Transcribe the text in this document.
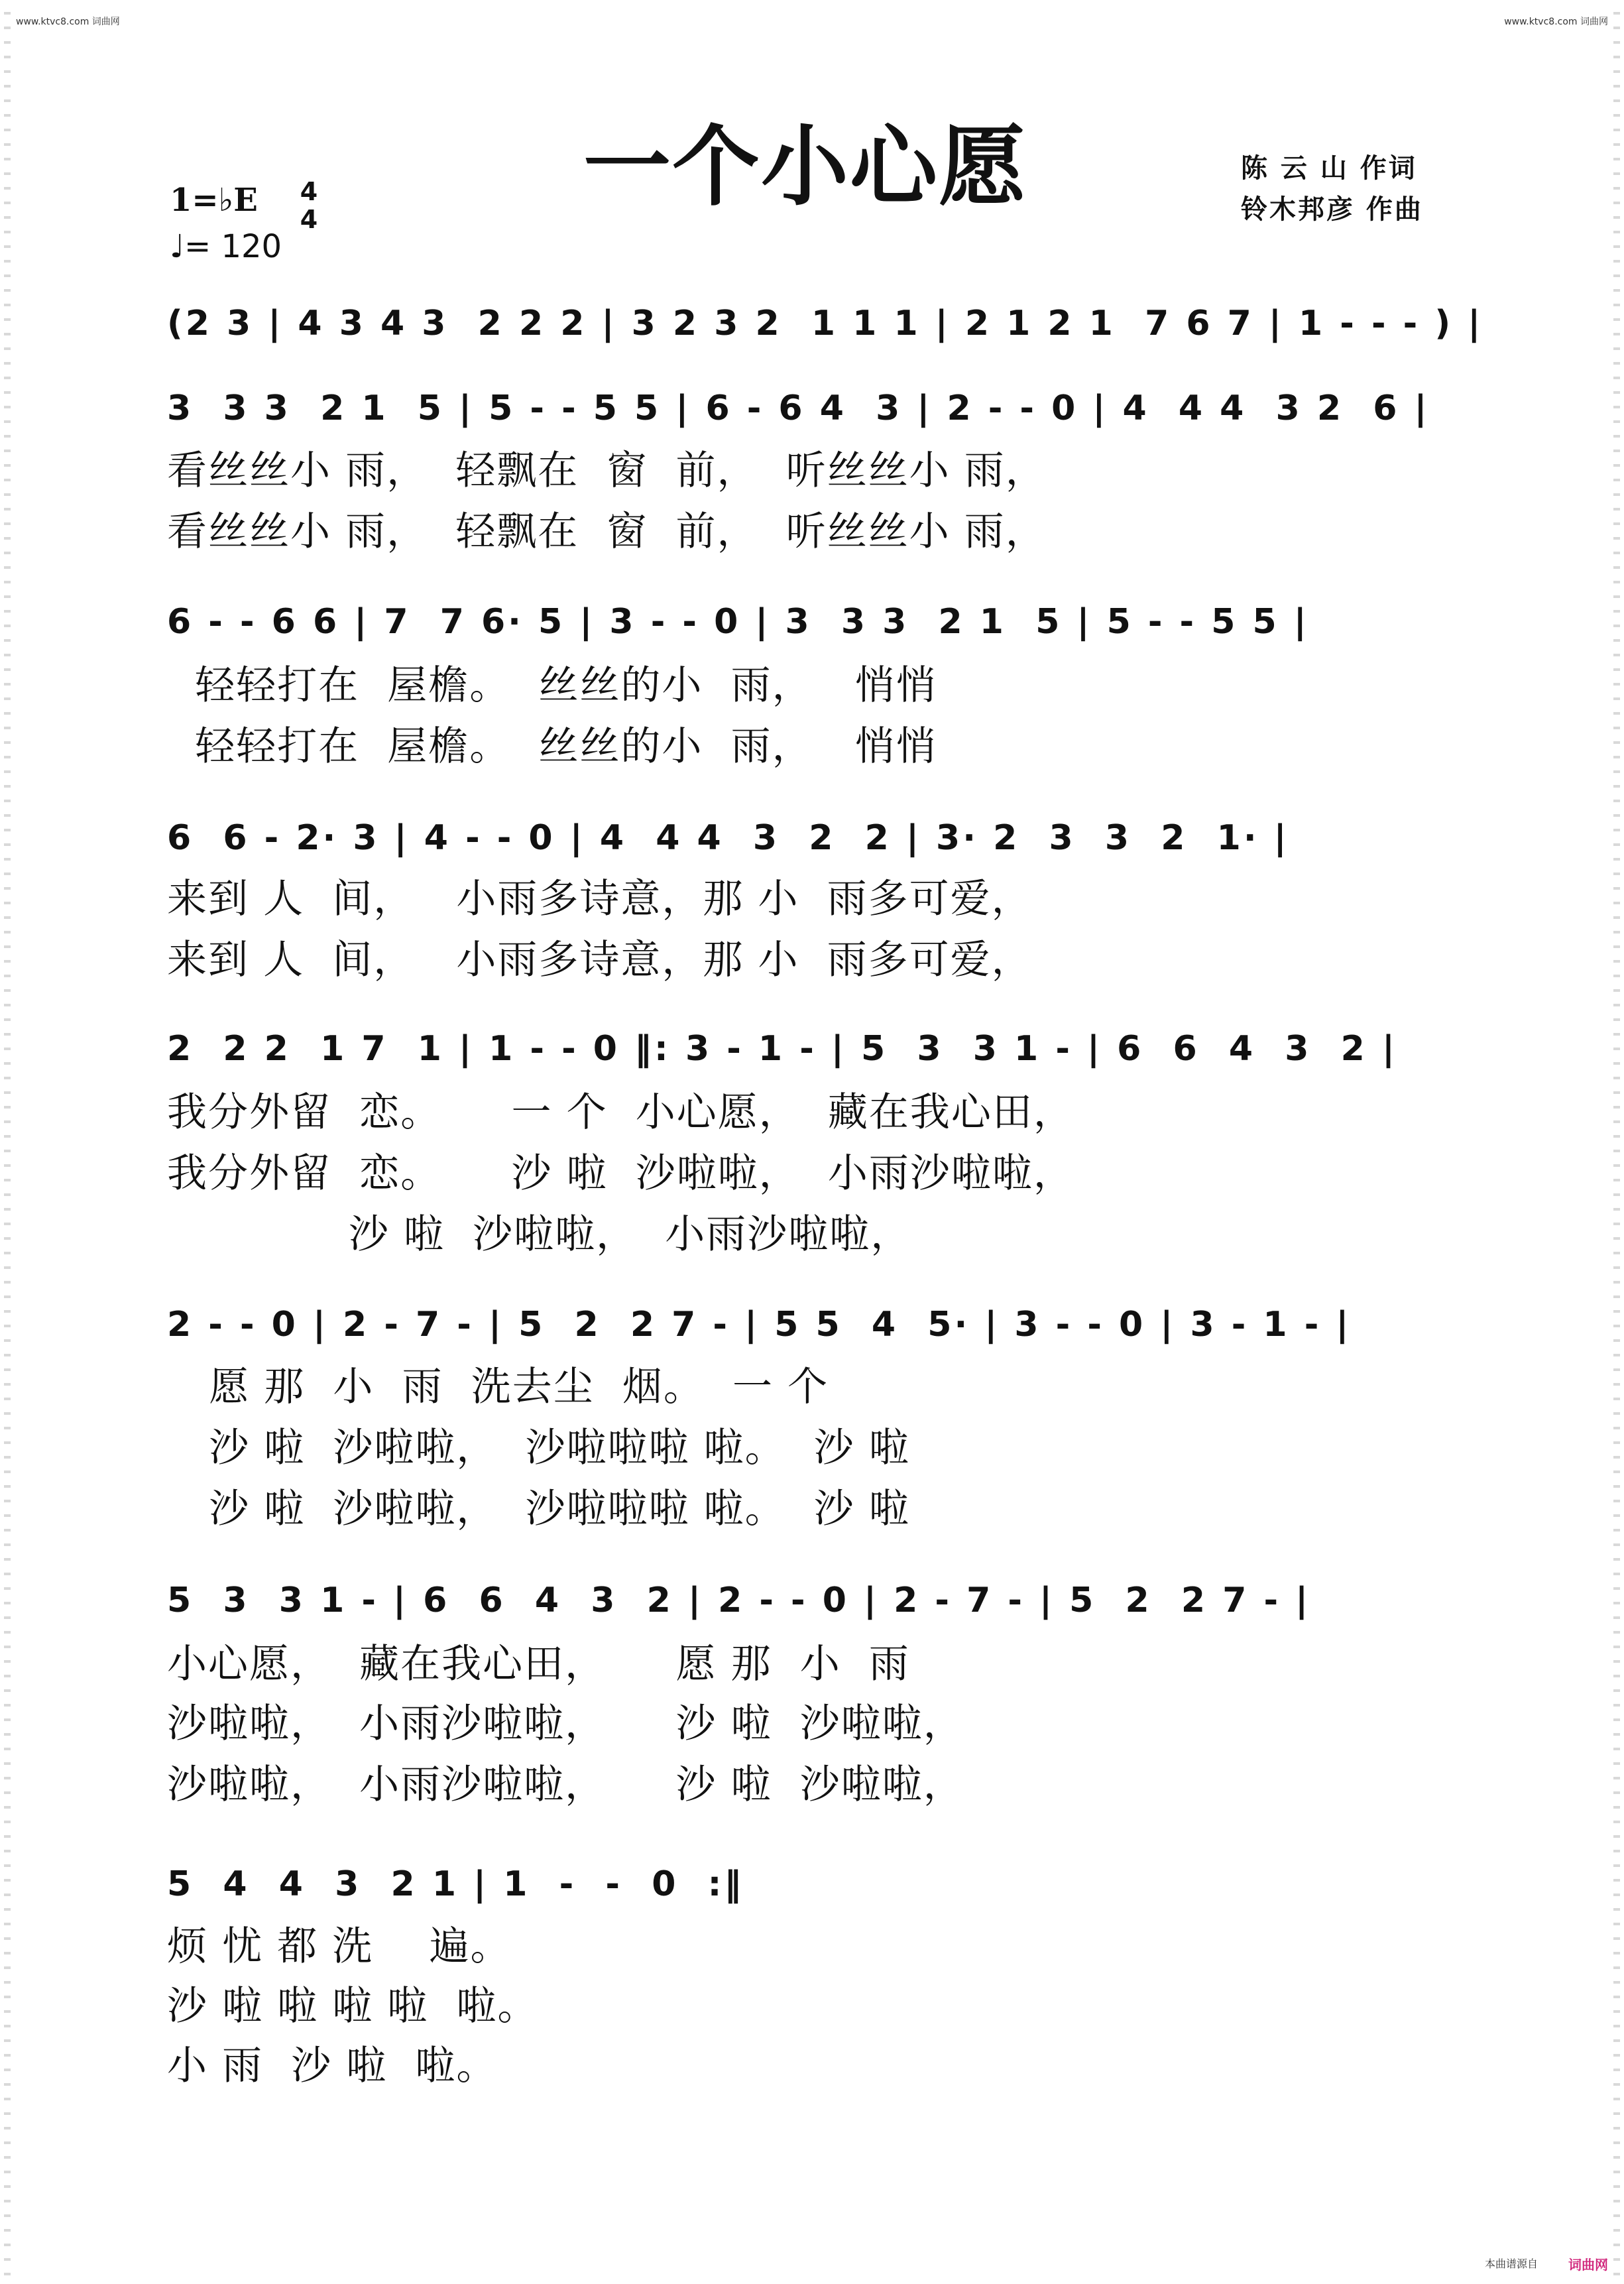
www.ktvc8.com 词曲网	www.ktvc8.com 词曲网
一个小心愿	陈 云 山 作词
铃木邦彦 作曲
1=♭E 4
4
♩= 120
(2 3 | 4 3 4 3  2 2 2 | 3 2 3 2  1 1 1 | 2 1 2 1  7 6 7 | 1 - - - ) |
3  3 3  2 1  5 | 5 - - 5 5 | 6 - 6 4  3 | 2 - - 0 | 4  4 4  3 2  6 |
看丝丝小 雨，  轻飘在  窗  前，  听丝丝小 雨，
看丝丝小 雨，  轻飘在  窗  前，  听丝丝小 雨，
6 - - 6 6 | 7  7 6· 5 | 3 - - 0 | 3  3 3  2 1  5 | 5 - - 5 5 |
轻轻打在  屋檐。  丝丝的小  雨，   悄悄
轻轻打在  屋檐。  丝丝的小  雨，   悄悄
6  6 - 2· 3 | 4 - - 0 | 4  4 4  3  2  2 | 3· 2  3  3  2  1· |
来到 人  间，   小雨多诗意，那 小  雨多可爱，
来到 人  间，   小雨多诗意，那 小  雨多可爱，
2  2 2  1 7  1 | 1 - - 0 ‖: 3 - 1 - | 5  3  3 1 - | 6  6  4  3  2 |
我分外留  恋。     一 个  小心愿，  藏在我心田，
我分外留  恋。     沙 啦  沙啦啦，  小雨沙啦啦，
沙 啦  沙啦啦，  小雨沙啦啦，
2 - - 0 | 2 - 7 - | 5  2  2 7 - | 5 5  4  5· | 3 - - 0 | 3 - 1 - |
愿 那  小  雨  洗去尘  烟。  一 个
沙 啦  沙啦啦，  沙啦啦啦 啦。  沙 啦
沙 啦  沙啦啦，  沙啦啦啦 啦。  沙 啦
5  3  3 1 - | 6  6  4  3  2 | 2 - - 0 | 2 - 7 - | 5  2  2 7 - |
小心愿，  藏在我心田，     愿 那  小  雨
沙啦啦，  小雨沙啦啦，     沙 啦  沙啦啦，
沙啦啦，  小雨沙啦啦，     沙 啦  沙啦啦，
5  4  4  3  2 1 | 1  -  -  0  :‖
烦 忧 都 洗    遍。
沙 啦 啦 啦 啦  啦。
小 雨  沙 啦  啦。
本曲谱源自 词曲网
